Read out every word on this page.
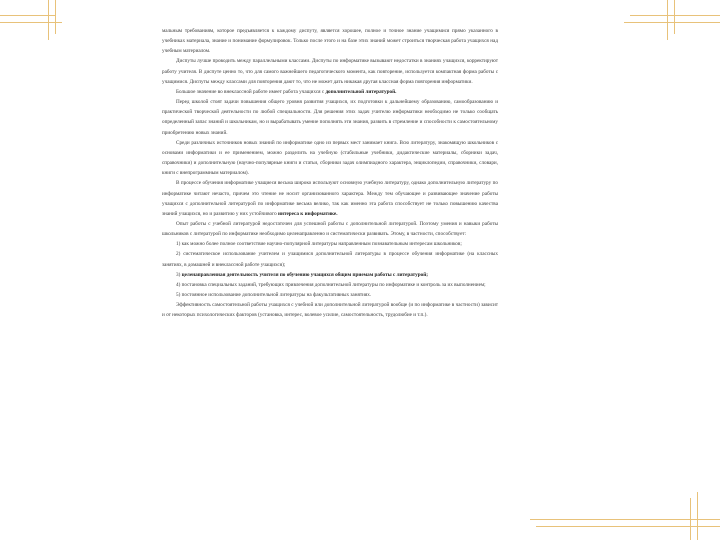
мальным требованиям, которое предъявляется к каждому диспуту, является хорошее, полное и точное знание учащимися прямо указанного в учебниках материала, знание и понимание формулировок. Только после этого и на базе этих знаний может строиться творческая работа учащихся над учебным материалом.

Диспуты лучше проводить между параллельными классами. Диспуты по информатике вызывают недостатки в знаниях учащихся, корректируют работу учителя. В диспуте ценно то, что для самого важнейшего педагогического момента, как повторение, используется компактная форма работы с учащимися. Диспуты между классами для повторения дают то, что не может дать никакая другая классная форма повторения информатики.

Большое значение во внеклассной работе имеет работа учащихся с дополнительной литературой.

Перед школой стоят задачи повышения общего уровня развития учащихся, их подготовки к дальнейшему образованию, самообразованию и практической творческой деятельности по любой специальности. Для решения этих задач учителю информатики необходимо не только сообщать определенный запас знаний и школьникам, но и вырабатывать умение пополнять эти знания, развить в стремление и способности к самостоятельному приобретению новых знаний.

Среди различных источников новых знаний по информатике одно из первых мест занимает книга. Всю литературу, знакомящую школьников с основами информатики и ее применением, можно разделить на учебную (стабильные учебники, дидактические материалы, сборники задач, справочники) и дополнительную (научно-популярные книги и статьи, сборники задач олимпиадного характера, энциклопедии, справочники, словари, книги с внепрограммным материалом).

В процессе обучения информатике учащиеся весьма широко используют основную учебную литературу, однако дополнительную литературу по информатике читают нечасто, причем это чтение не носит организованного характера. Между тем обучающее и развивающее значение работы учащихся с дополнительной литературой по информатике весьма велико, так как именно эта работа способствует не только повышению качества знаний учащихся, но и развитию у них устойчивого интереса к информатике.

Опыт работы с учебной литературой недостаточен для успешной работы с дополнительной литературой. Поэтому умения и навыки работы школьников с литературой по информатике необходимо целенаправленно и систематически развивать. Этому, в частности, способствует:

1) как можно более полное соответствие научно-популярной литературы направленным познавательным интересам школьников;

2) систематическое использование учителем и учащимися дополнительной литературы в процессе обучения информатике (на классных занятиях, в домашней и внеклассной работе учащихся);

3) целенаправленная деятельность учителя по обучению учащихся общим приемам работы с литературой;

4) постановка специальных заданий, требующих привлечения дополнительной литературы по информатике и контроль за их выполнением;

5) постоянное использование дополнительной литературы на факультативных занятиях.

Эффективность самостоятельной работы учащихся с учебной или дополнительной литературой вообще (и по информатике в частности) зависит и от некоторых психологических факторов (установка, интерес, волевое усилие, самостоятельность, трудолюбие и т.п.).
